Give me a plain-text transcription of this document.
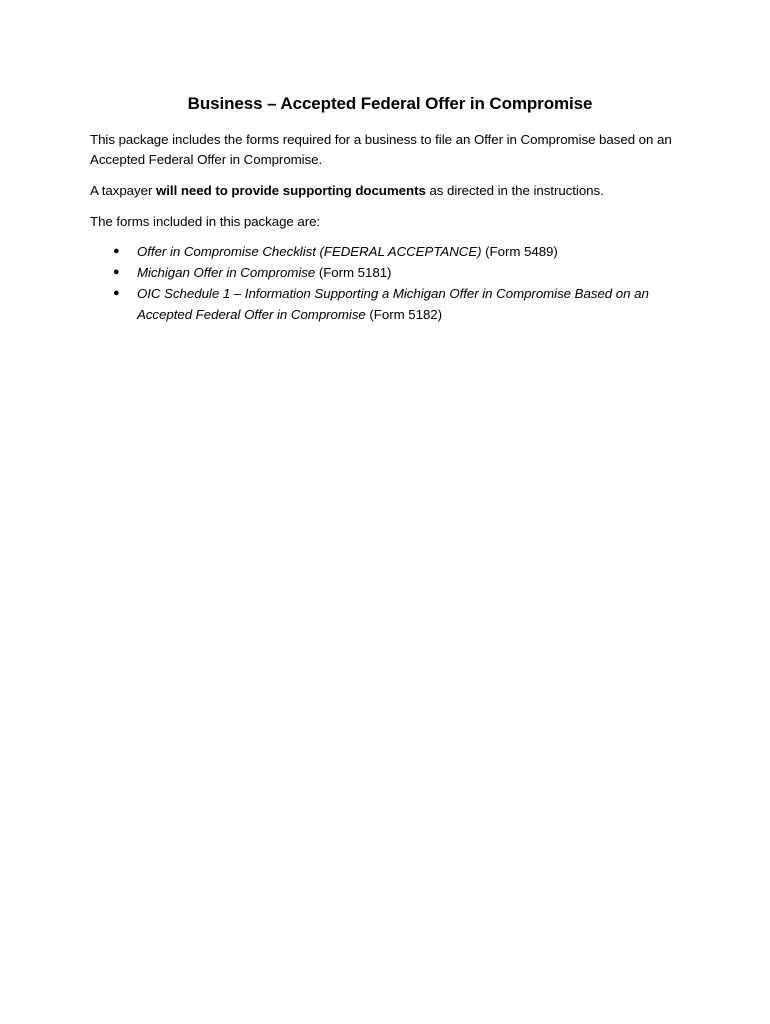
Business – Accepted Federal Offer in Compromise

This package includes the forms required for a business to file an Offer in Compromise based on an Accepted Federal Offer in Compromise.

A taxpayer will need to provide supporting documents as directed in the instructions.

The forms included in this package are:

● Offer in Compromise Checklist (FEDERAL ACCEPTANCE) (Form 5489)
● Michigan Offer in Compromise (Form 5181)
● OIC Schedule 1 – Information Supporting a Michigan Offer in Compromise Based on an Accepted Federal Offer in Compromise (Form 5182)
